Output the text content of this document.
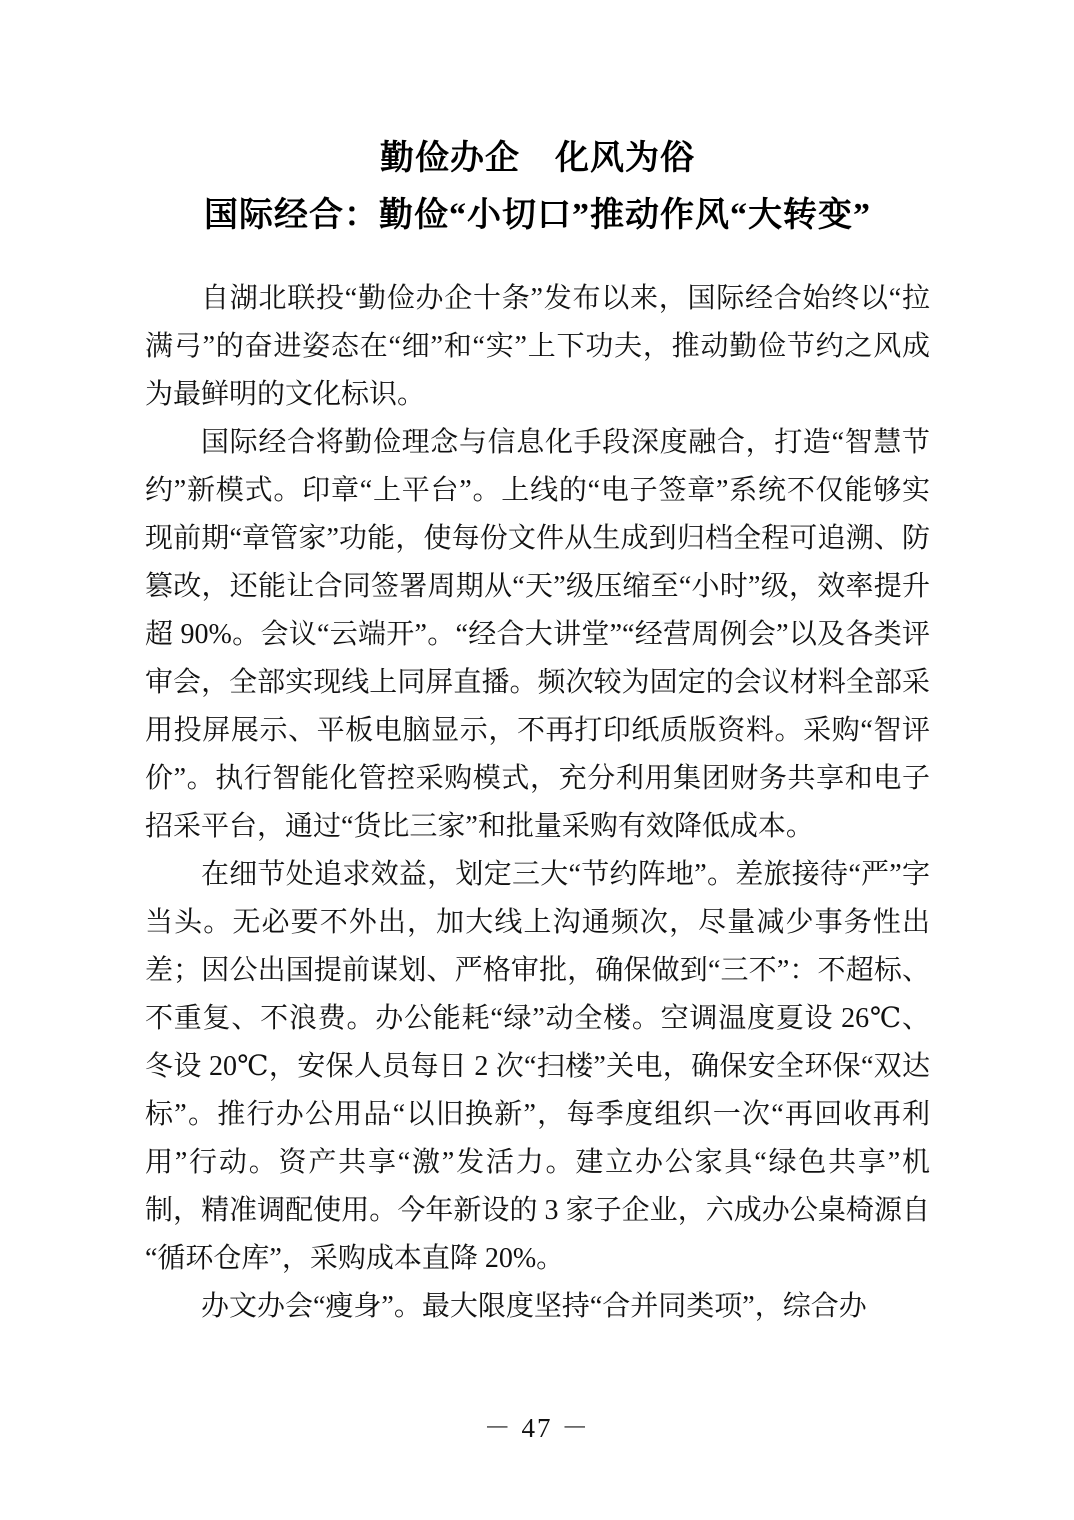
勤俭办企　化风为俗
国际经合：勤俭“小切口”推动作风“大转变”

自湖北联投“勤俭办企十条”发布以来，国际经合始终以“拉满弓”的奋进姿态在“细”和“实”上下功夫，推动勤俭节约之风成为最鲜明的文化标识。

国际经合将勤俭理念与信息化手段深度融合，打造“智慧节约”新模式。印章“上平台”。上线的“电子签章”系统不仅能够实现前期“章管家”功能，使每份文件从生成到归档全程可追溯、防篡改，还能让合同签署周期从“天”级压缩至“小时”级，效率提升超 90%。会议“云端开”。“经合大讲堂”“经营周例会”以及各类评审会，全部实现线上同屏直播。频次较为固定的会议材料全部采用投屏展示、平板电脑显示，不再打印纸质版资料。采购“智评价”。执行智能化管控采购模式，充分利用集团财务共享和电子招采平台，通过“货比三家”和批量采购有效降低成本。

在细节处追求效益，划定三大“节约阵地”。差旅接待“严”字当头。无必要不外出，加大线上沟通频次，尽量减少事务性出差；因公出国提前谋划、严格审批，确保做到“三不”：不超标、不重复、不浪费。办公能耗“绿”动全楼。空调温度夏设 26℃、冬设 20℃，安保人员每日 2 次“扫楼”关电，确保安全环保“双达标”。推行办公用品“以旧换新”，每季度组织一次“再回收再利用”行动。资产共享“激”发活力。建立办公家具“绿色共享”机制，精准调配使用。今年新设的 3 家子企业，六成办公桌椅源自“循环仓库”，采购成本直降 20%。

办文办会“瘦身”。最大限度坚持“合并同类项”，综合办

－ 47 －
